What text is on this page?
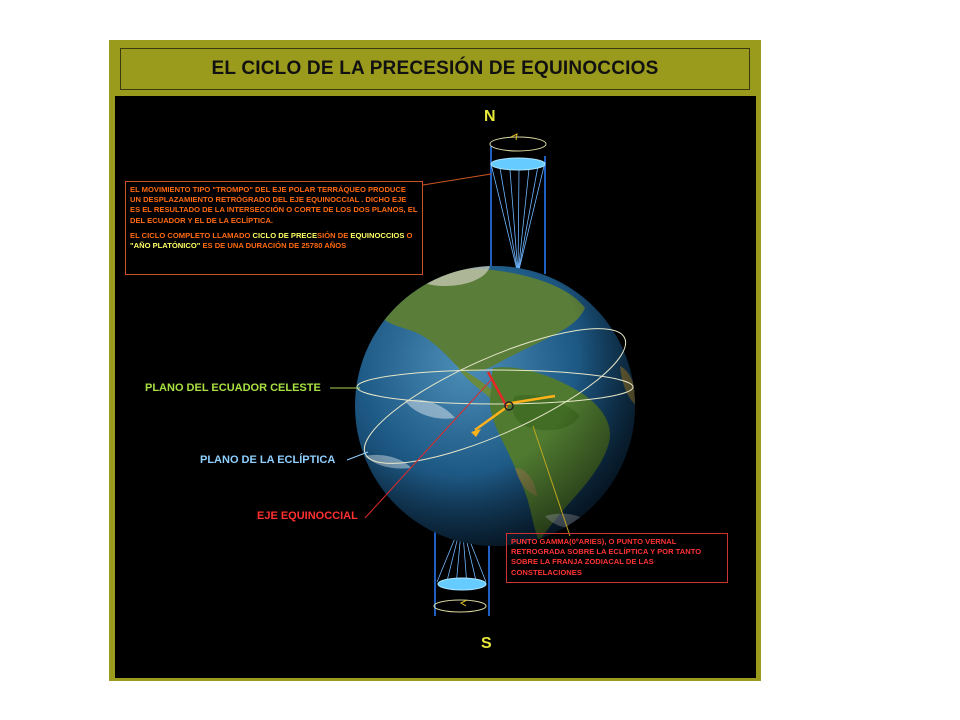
EL CICLO DE LA PRECESIÓN DE EQUINOCCIOS
N
S
PLANO DEL ECUADOR CELESTE
PLANO DE LA ECLÍPTICA
EJE EQUINOCCIAL
EL MOVIMIENTO TIPO "TROMPO" DEL EJE POLAR TERRÁQUEO PRODUCE UN DESPLAZAMIENTO RETRÓGRADO DEL EJE EQUINOCCIAL . DICHO EJE ES EL RESULTADO DE LA INTERSECCIÓN O CORTE DE LOS DOS PLANOS, EL DEL ECUADOR Y EL DE LA ECLÍPTICA.
EL CICLO COMPLETO LLAMADO CICLO DE PRECESIÓN DE EQUINOCCIOS O "AÑO PLATÓNICO" ES DE UNA DURACIÓN DE 25780 AÑOS
PUNTO GAMMA(0ºARIES), O PUNTO VERNAL RETROGRADA SOBRE LA ECLÍPTICA Y POR TANTO SOBRE LA FRANJA ZODIACAL DE LAS CONSTELACIONES
